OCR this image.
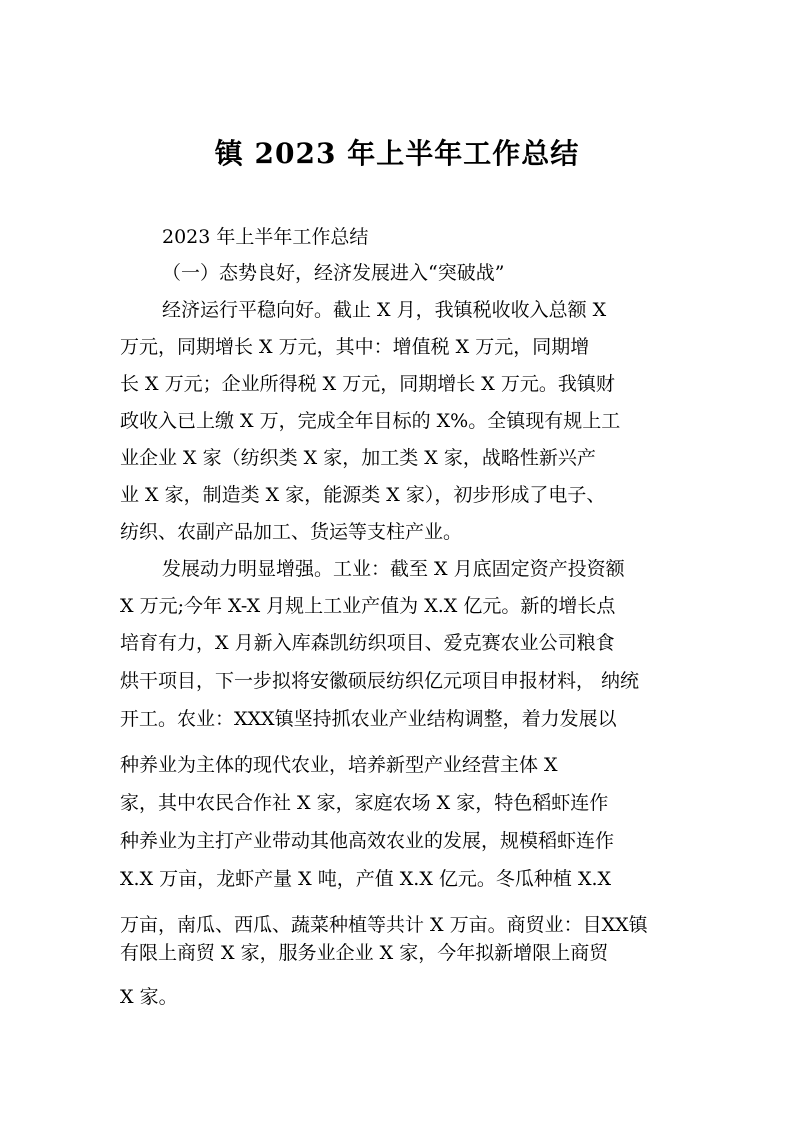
镇 2023 年上半年工作总结
2023 年上半年工作总结
（一）态势良好，经济发展进入“突破战”
经济运行平稳向好。截止 X 月，我镇税收收入总额 X
万元，同期增长 X 万元，其中：增值税 X 万元，同期增
长 X 万元；企业所得税 X 万元，同期增长 X 万元。我镇财
政收入已上缴 X 万，完成全年目标的 X%。全镇现有规上工
业企业 X 家（纺织类 X 家，加工类 X 家，战略性新兴产
业 X 家，制造类 X 家，能源类 X 家），初步形成了电子、
纺织、农副产品加工、货运等支柱产业。
发展动力明显增强。工业：截至 X 月底固定资产投资额
X 万元;今年 X-X 月规上工业产值为 X.X 亿元。新的增长点
培育有力，X 月新入库森凯纺织项目、爱克赛农业公司粮食
烘干项目，下一步拟将安徽硕辰纺织亿元项目申报材料， 纳统
开工。农业：XXX镇坚持抓农业产业结构调整，着力发展以
种养业为主体的现代农业，培养新型产业经营主体 X
家，其中农民合作社 X 家，家庭农场 X 家，特色稻虾连作
种养业为主打产业带动其他高效农业的发展，规模稻虾连作
X.X 万亩，龙虾产量 X 吨，产值 X.X 亿元。冬瓜种植 X.X
万亩，南瓜、西瓜、蔬菜种植等共计 X 万亩。商贸业：目XX镇
有限上商贸 X 家，服务业企业 X 家，今年拟新增限上商贸
X 家。
